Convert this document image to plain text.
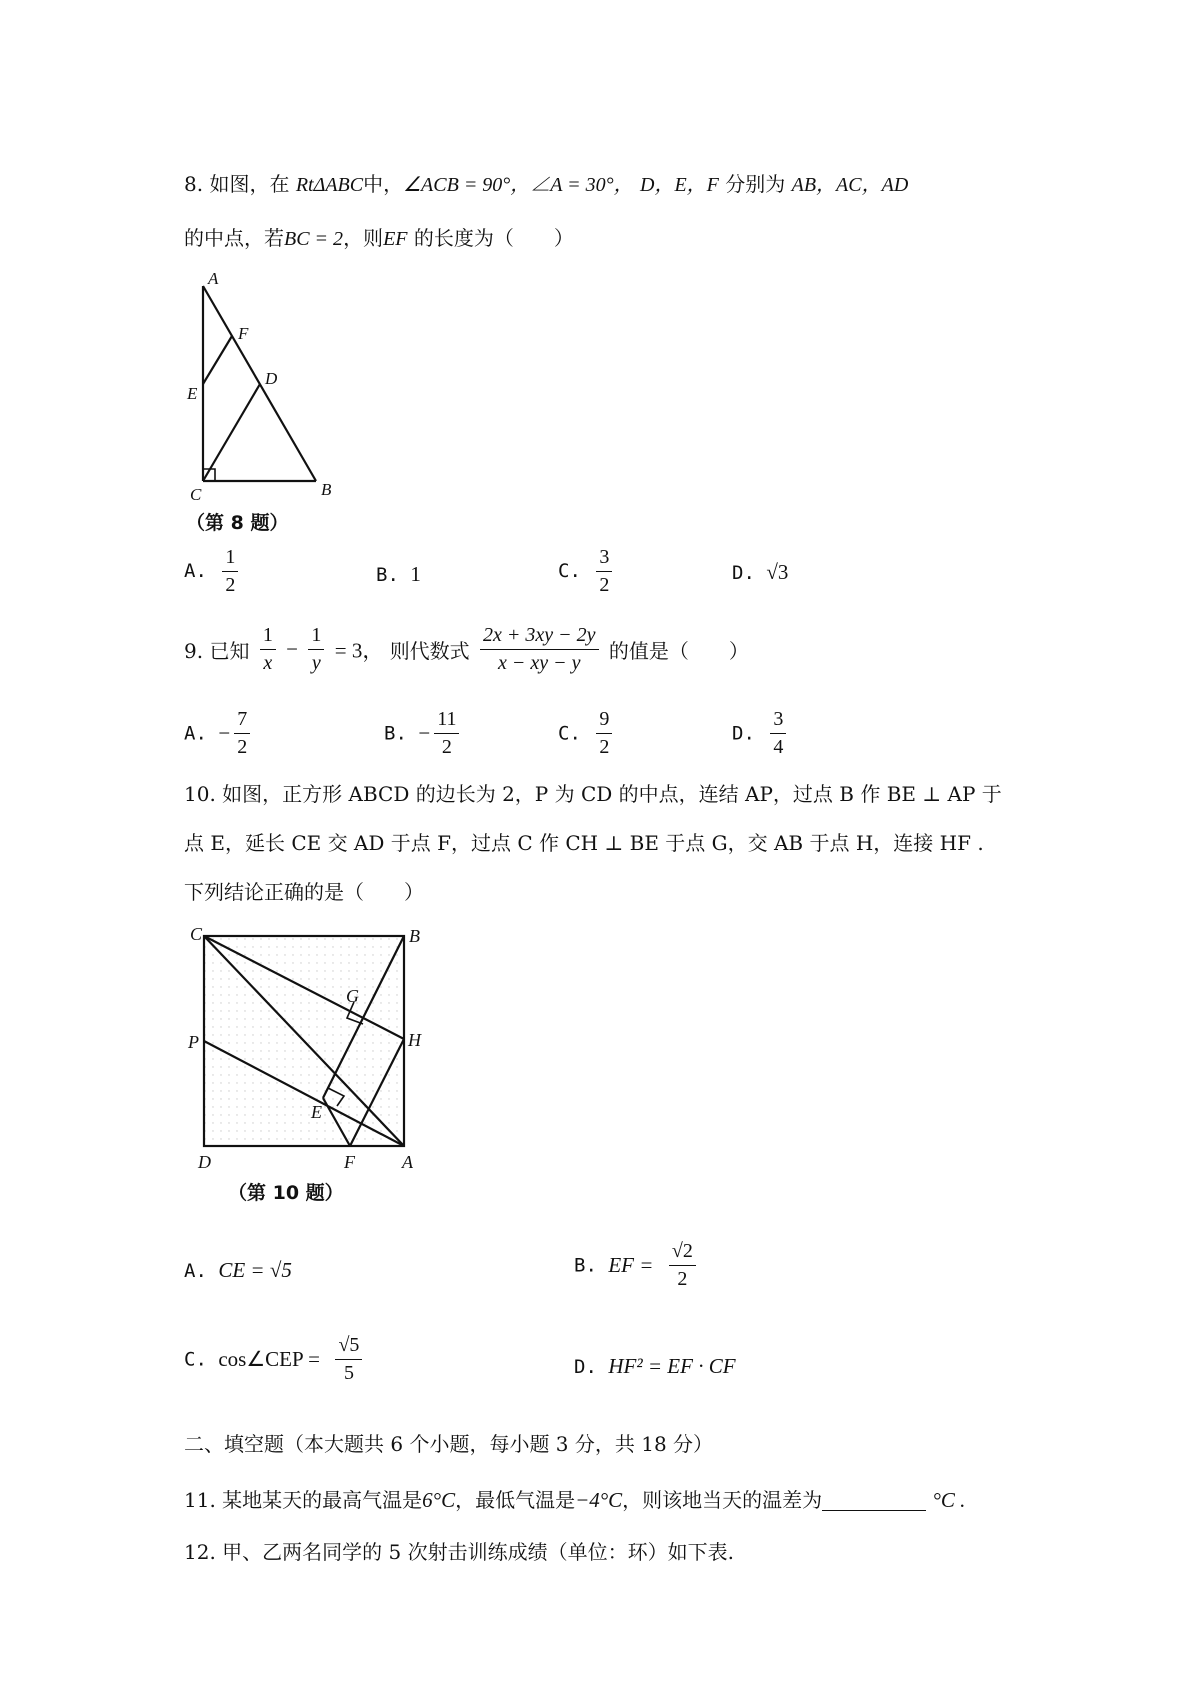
8. 如图，在 RtΔABC中，∠ACB = 90°，∠A = 30°， D，E，F 分别为 AB，AC，AD
的中点，若BC = 2，则EF 的长度为（　　）
A
F
D
E
C	B
（第 8 题）
A. $\frac{1}{2}$	B. 1	C. $\frac{3}{2}$	D. √3
9. 已知 $\frac{1}{x} - \frac{1}{y} = 3$， 则代数式 $\frac{2x + 3xy - 2y}{x - xy - y}$ 的值是（　　）
A. − $\frac{7}{2}$	B. − $\frac{11}{2}$	C. $\frac{9}{2}$	D. $\frac{3}{4}$
10. 如图，正方形 ABCD 的边长为 2，P 为 CD 的中点，连结 AP，过点 B 作 BE ⊥ AP 于
点 E，延长 CE 交 AD 于点 F，过点 C 作 CH ⊥ BE 于点 G，交 AB 于点 H，连接 HF .
下列结论正确的是（　　）
C	B
G
P	H
E
D	F	A
（第 10 题）
A. CE = √5	B. EF = $\frac{√2}{2}$
C. cos∠CEP = $\frac{√5}{5}$	D. HF² = EF · CF
二、填空题（本大题共 6 个小题，每小题 3 分，共 18 分）
11. 某地某天的最高气温是6°C，最低气温是−4°C，则该地当天的温差为	°C .
12. 甲、乙两名同学的 5 次射击训练成绩（单位：环）如下表.
